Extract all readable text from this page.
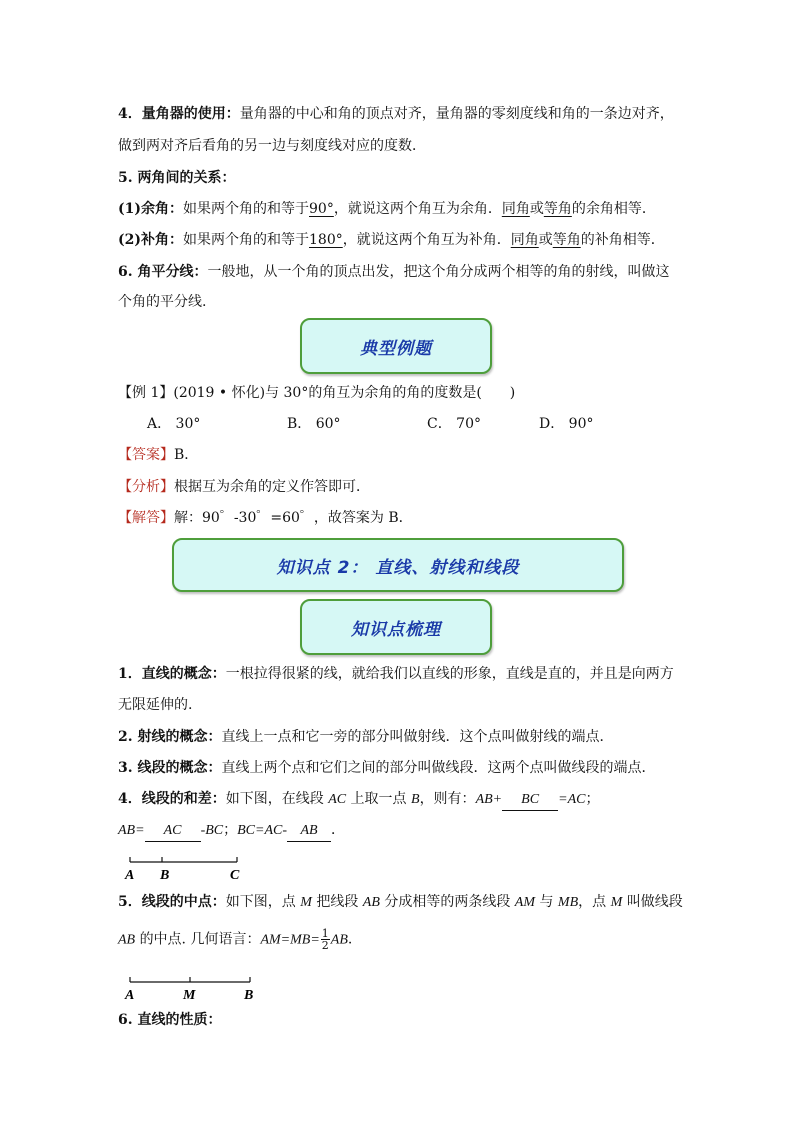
4．量角器的使用：量角器的中心和角的顶点对齐，量角器的零刻度线和角的一条边对齐，
做到两对齐后看角的另一边与刻度线对应的度数．
5. 两角间的关系：
(1)余角：如果两个角的和等于90°，就说这两个角互为余角．同角或等角的余角相等．
(2)补角：如果两个角的和等于180°，就说这两个角互为补角．同角或等角的补角相等．
6. 角平分线：一般地，从一个角的顶点出发，把这个角分成两个相等的角的射线，叫做这
个角的平分线.
典型例题
【例 1】(2019 • 怀化)与 30°的角互为余角的角的度数是(　　)
A． 30°	B． 60°	C． 70°	D． 90°
【答案】B．
【分析】根据互为余角的定义作答即可．
【解答】解：90゜-30゜=60゜，故答案为 B．
知识点 2： 直线、射线和线段
知识点梳理
1．直线的概念：一根拉得很紧的线，就给我们以直线的形象，直线是直的，并且是向两方
无限延伸的.
2. 射线的概念：直线上一点和它一旁的部分叫做射线．这个点叫做射线的端点．
3. 线段的概念：直线上两个点和它们之间的部分叫做线段．这两个点叫做线段的端点．
4．线段的和差：如下图，在线段 AC 上取一点 B，则有：AB+ BC =AC；
AB= AC -BC；BC=AC- AB ．
A B	C
5．线段的中点：如下图，点 M 把线段 AB 分成相等的两条线段 AM 与 MB，点 M 叫做线段
AB 的中点. 几何语言：$AM=MB= \frac{1}{2}$ AB.
A	M	B
6. 直线的性质：
